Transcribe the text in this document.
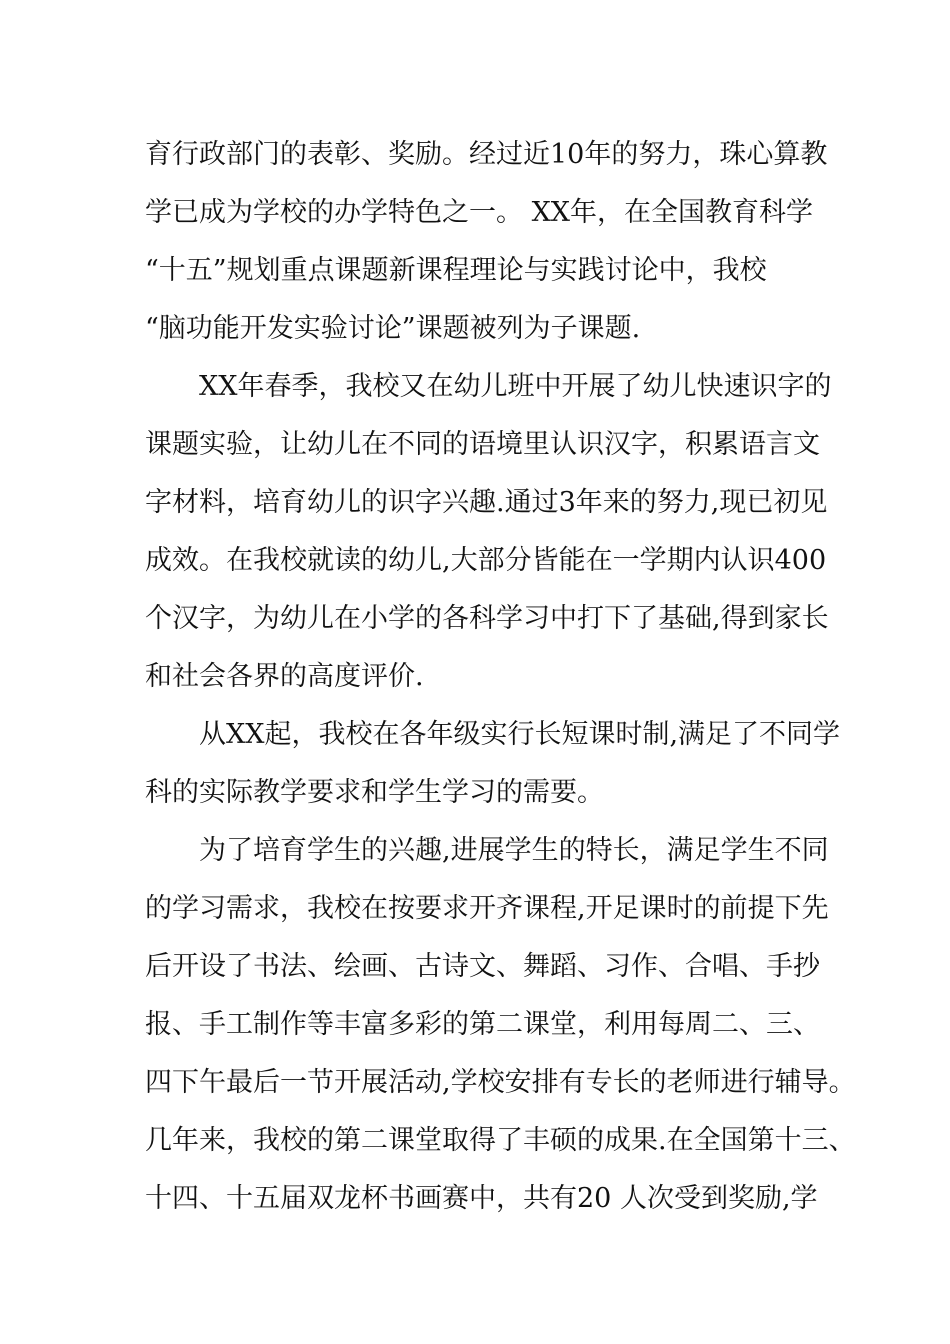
育行政部门的表彰、奖励。经过近10年的努力，珠心算教
学已成为学校的办学特色之一。 XX年，在全国教育科学
“十五”规划重点课题新课程理论与实践讨论中，我校
“脑功能开发实验讨论”课题被列为子课题.
　　XX年春季，我校又在幼儿班中开展了幼儿快速识字的
课题实验，让幼儿在不同的语境里认识汉字，积累语言文
字材料，培育幼儿的识字兴趣.通过3年来的努力,现已初见
成效。在我校就读的幼儿,大部分皆能在一学期内认识400
个汉字，为幼儿在小学的各科学习中打下了基础,得到家长
和社会各界的高度评价.
　　从XX起，我校在各年级实行长短课时制,满足了不同学
科的实际教学要求和学生学习的需要。
　　为了培育学生的兴趣,进展学生的特长，满足学生不同
的学习需求，我校在按要求开齐课程,开足课时的前提下先
后开设了书法、绘画、古诗文、舞蹈、习作、合唱、手抄
报、手工制作等丰富多彩的第二课堂，利用每周二、三、
四下午最后一节开展活动,学校安排有专长的老师进行辅导。
几年来，我校的第二课堂取得了丰硕的成果.在全国第十三、
十四、十五届双龙杯书画赛中，共有20 人次受到奖励,学
